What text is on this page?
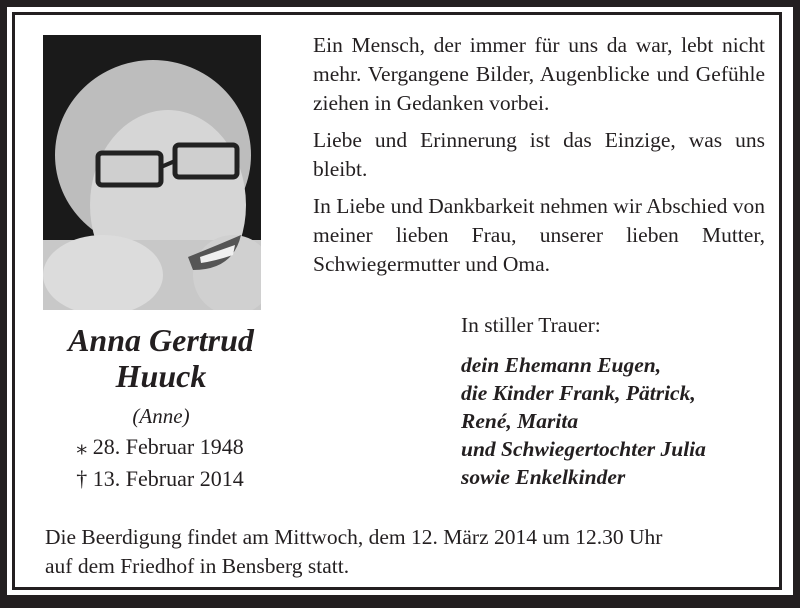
Ein Mensch, der immer für uns da war, lebt nicht mehr. Vergangene Bilder, Augenblicke und Gefühle ziehen in Gedanken vorbei.

Liebe und Erinnerung ist das Einzige, was uns bleibt.

In Liebe und Dankbarkeit nehmen wir Abschied von meiner lieben Frau, unserer lieben Mutter, Schwiegermutter und Oma.

Anna Gertrud
Huuck
(Anne)
⁎ 28. Februar 1948
† 13. Februar 2014
In stiller Trauer:
dein Ehemann Eugen,
die Kinder Frank, Pätrick,
René, Marita
und Schwiegertochter Julia
sowie Enkelkinder
Die Beerdigung findet am Mittwoch, dem 12. März 2014 um 12.30 Uhr
auf dem Friedhof in Bensberg statt.
